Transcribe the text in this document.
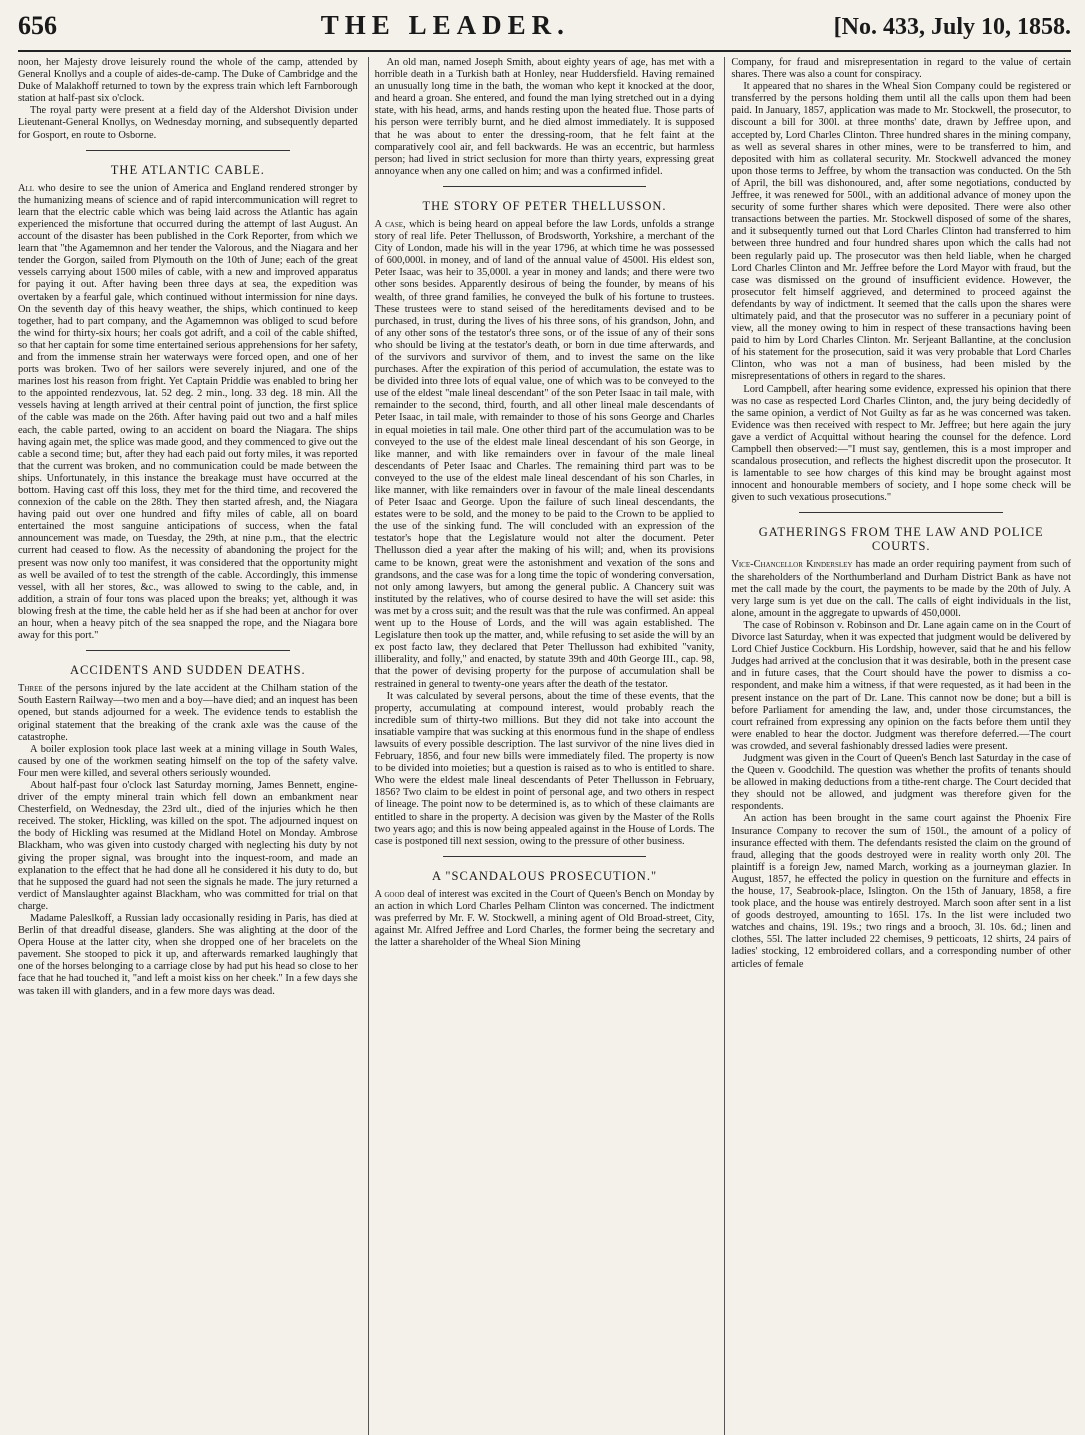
656	THE LEADER.	[No. 433, July 10, 1858.

noon, her Majesty drove leisurely round the whole of the camp, attended by General Knollys and a couple of aides-de-camp. The Duke of Cambridge and the Duke of Malakhoff returned to town by the express train which left Farnborough station at half-past six o'clock.

The royal party were present at a field day of the Aldershot Division under Lieutenant-General Knollys, on Wednesday morning, and subsequently departed for Gosport, en route to Osborne.

THE ATLANTIC CABLE.

All who desire to see the union of America and England rendered stronger by the humanizing means of science and of rapid intercommunication will regret to learn that the electric cable which was being laid across the Atlantic has again experienced the misfortune that occurred during the attempt of last August. An account of the disaster has been published in the Cork Reporter, from which we learn that "the Agamemnon and her tender the Valorous, and the Niagara and her tender the Gorgon, sailed from Plymouth on the 10th of June; each of the great vessels carrying about 1500 miles of cable, with a new and improved apparatus for paying it out. After having been three days at sea, the expedition was overtaken by a fearful gale, which continued without intermission for nine days. On the seventh day of this heavy weather, the ships, which continued to keep together, had to part company, and the Agamemnon was obliged to scud before the wind for thirty-six hours; her coals got adrift, and a coil of the cable shifted, so that her captain for some time entertained serious apprehensions for her safety, and from the immense strain her waterways were forced open, and one of her ports was broken. Two of her sailors were severely injured, and one of the marines lost his reason from fright. Yet Captain Priddie was enabled to bring her to the appointed rendezvous, lat. 52 deg. 2 min., long. 33 deg. 18 min. All the vessels having at length arrived at their central point of junction, the first splice of the cable was made on the 26th. After having paid out two and a half miles each, the cable parted, owing to an accident on board the Niagara. The ships having again met, the splice was made good, and they commenced to give out the cable a second time; but, after they had each paid out forty miles, it was reported that the current was broken, and no communication could be made between the ships. Unfortunately, in this instance the breakage must have occurred at the bottom. Having cast off this loss, they met for the third time, and recovered the connexion of the cable on the 28th. They then started afresh, and, the Niagara having paid out over one hundred and fifty miles of cable, all on board entertained the most sanguine anticipations of success, when the fatal announcement was made, on Tuesday, the 29th, at nine p.m., that the electric current had ceased to flow. As the necessity of abandoning the project for the present was now only too manifest, it was considered that the opportunity might as well be availed of to test the strength of the cable. Accordingly, this immense vessel, with all her stores, &c., was allowed to swing to the cable, and, in addition, a strain of four tons was placed upon the breaks; yet, although it was blowing fresh at the time, the cable held her as if she had been at anchor for over an hour, when a heavy pitch of the sea snapped the rope, and the Niagara bore away for this port."

ACCIDENTS AND SUDDEN DEATHS.

Three of the persons injured by the late accident at the Chilham station of the South Eastern Railway—two men and a boy—have died; and an inquest has been opened, but stands adjourned for a week. The evidence tends to establish the original statement that the breaking of the crank axle was the cause of the catastrophe.

A boiler explosion took place last week at a mining village in South Wales, caused by one of the workmen seating himself on the top of the safety valve. Four men were killed, and several others seriously wounded.

About half-past four o'clock last Saturday morning, James Bennett, engine-driver of the empty mineral train which fell down an embankment near Chesterfield, on Wednesday, the 23rd ult., died of the injuries which he then received. The stoker, Hickling, was killed on the spot. The adjourned inquest on the body of Hickling was resumed at the Midland Hotel on Monday. Ambrose Blackham, who was given into custody charged with neglecting his duty by not giving the proper signal, was brought into the inquest-room, and made an explanation to the effect that he had done all he considered it his duty to do, but that he supposed the guard had not seen the signals he made. The jury returned a verdict of Manslaughter against Blackham, who was committed for trial on that charge.

Madame Paleslkoff, a Russian lady occasionally residing in Paris, has died at Berlin of that dreadful disease, glanders. She was alighting at the door of the Opera House at the latter city, when she dropped one of her bracelets on the pavement. She stooped to pick it up, and afterwards remarked laughingly that one of the horses belonging to a carriage close by had put his head so close to her face that he had touched it, "and left a moist kiss on her cheek." In a few days she was taken ill with glanders, and in a few more days was dead.

An old man, named Joseph Smith, about eighty years of age, has met with a horrible death in a Turkish bath at Honley, near Huddersfield. Having remained an unusually long time in the bath, the woman who kept it knocked at the door, and heard a groan. She entered, and found the man lying stretched out in a dying state, with his head, arms, and hands resting upon the heated flue. Those parts of his person were terribly burnt, and he died almost immediately. It is supposed that he was about to enter the dressing-room, that he felt faint at the comparatively cool air, and fell backwards. He was an eccentric, but harmless person; had lived in strict seclusion for more than thirty years, expressing great annoyance when any one called on him; and was a confirmed infidel.

THE STORY OF PETER THELLUSSON.

A case, which is being heard on appeal before the law Lords, unfolds a strange story of real life. Peter Thellusson, of Brodsworth, Yorkshire, a merchant of the City of London, made his will in the year 1796, at which time he was possessed of 600,000l. in money, and of land of the annual value of 4500l. His eldest son, Peter Isaac, was heir to 35,000l. a year in money and lands; and there were two other sons besides. Apparently desirous of being the founder, by means of his wealth, of three grand families, he conveyed the bulk of his fortune to trustees. These trustees were to stand seised of the hereditaments devised and to be purchased, in trust, during the lives of his three sons, of his grandson, John, and of any other sons of the testator's three sons, or of the issue of any of their sons who should be living at the testator's death, or born in due time afterwards, and of the survivors and survivor of them, and to invest the same on the like purchases. After the expiration of this period of accumulation, the estate was to be divided into three lots of equal value, one of which was to be conveyed to the use of the eldest "male lineal descendant" of the son Peter Isaac in tail male, with remainder to the second, third, fourth, and all other lineal male descendants of Peter Isaac, in tail male, with remainder to those of his sons George and Charles in equal moieties in tail male. One other third part of the accumulation was to be conveyed to the use of the eldest male lineal descendant of his son George, in like manner, and with like remainders over in favour of the male lineal descendants of Peter Isaac and Charles. The remaining third part was to be conveyed to the use of the eldest male lineal descendant of his son Charles, in like manner, with like remainders over in favour of the male lineal descendants of Peter Isaac and George. Upon the failure of such lineal descendants, the estates were to be sold, and the money to be paid to the Crown to be applied to the use of the sinking fund. The will concluded with an expression of the testator's hope that the Legislature would not alter the document. Peter Thellusson died a year after the making of his will; and, when its provisions came to be known, great were the astonishment and vexation of the sons and grandsons, and the case was for a long time the topic of wondering conversation, not only among lawyers, but among the general public. A Chancery suit was instituted by the relatives, who of course desired to have the will set aside: this was met by a cross suit; and the result was that the rule was confirmed. An appeal went up to the House of Lords, and the will was again established. The Legislature then took up the matter, and, while refusing to set aside the will by an ex post facto law, they declared that Peter Thellusson had exhibited "vanity, illiberality, and folly," and enacted, by statute 39th and 40th George III., cap. 98, that the power of devising property for the purpose of accumulation shall be restrained in general to twenty-one years after the death of the testator.

It was calculated by several persons, about the time of these events, that the property, accumulating at compound interest, would probably reach the incredible sum of thirty-two millions. But they did not take into account the insatiable vampire that was sucking at this enormous fund in the shape of endless lawsuits of every possible description. The last survivor of the nine lives died in February, 1856, and four new bills were immediately filed. The property is now to be divided into moieties; but a question is raised as to who is entitled to share. Who were the eldest male lineal descendants of Peter Thellusson in February, 1856? Two claim to be eldest in point of personal age, and two others in respect of lineage. The point now to be determined is, as to which of these claimants are entitled to share in the property. A decision was given by the Master of the Rolls two years ago; and this is now being appealed against in the House of Lords. The case is postponed till next session, owing to the pressure of other business.

A "SCANDALOUS PROSECUTION."

A good deal of interest was excited in the Court of Queen's Bench on Monday by an action in which Lord Charles Pelham Clinton was concerned. The indictment was preferred by Mr. F. W. Stockwell, a mining agent of Old Broad-street, City, against Mr. Alfred Jeffree and Lord Charles, the former being the secretary and the latter a shareholder of the Wheal Sion Mining

Company, for fraud and misrepresentation in regard to the value of certain shares. There was also a count for conspiracy.

It appeared that no shares in the Wheal Sion Company could be registered or transferred by the persons holding them until all the calls upon them had been paid. In January, 1857, application was made to Mr. Stockwell, the prosecutor, to discount a bill for 300l. at three months' date, drawn by Jeffree upon, and accepted by, Lord Charles Clinton. Three hundred shares in the mining company, as well as several shares in other mines, were to be transferred to him, and deposited with him as collateral security. Mr. Stockwell advanced the money upon those terms to Jeffree, by whom the transaction was conducted. On the 5th of April, the bill was dishonoured, and, after some negotiations, conducted by Jeffree, it was renewed for 500l., with an additional advance of money upon the security of some further shares which were deposited. There were also other transactions between the parties. Mr. Stockwell disposed of some of the shares, and it subsequently turned out that Lord Charles Clinton had transferred to him between three hundred and four hundred shares upon which the calls had not been regularly paid up. The prosecutor was then held liable, when he charged Lord Charles Clinton and Mr. Jeffree before the Lord Mayor with fraud, but the case was dismissed on the ground of insufficient evidence. However, the prosecutor felt himself aggrieved, and determined to proceed against the defendants by way of indictment. It seemed that the calls upon the shares were ultimately paid, and that the prosecutor was no sufferer in a pecuniary point of view, all the money owing to him in respect of these transactions having been paid to him by Lord Charles Clinton. Mr. Serjeant Ballantine, at the conclusion of his statement for the prosecution, said it was very probable that Lord Charles Clinton, who was not a man of business, had been misled by the misrepresentations of others in regard to the shares.

Lord Campbell, after hearing some evidence, expressed his opinion that there was no case as respected Lord Charles Clinton, and, the jury being decidedly of the same opinion, a verdict of Not Guilty as far as he was concerned was taken. Evidence was then received with respect to Mr. Jeffree; but here again the jury gave a verdict of Acquittal without hearing the counsel for the defence. Lord Campbell then observed:—"I must say, gentlemen, this is a most improper and scandalous prosecution, and reflects the highest discredit upon the prosecutor. It is lamentable to see how charges of this kind may be brought against most innocent and honourable members of society, and I hope some check will be given to such vexatious prosecutions."

GATHERINGS FROM THE LAW AND POLICE COURTS.

Vice-Chancellor Kindersley has made an order requiring payment from such of the shareholders of the Northumberland and Durham District Bank as have not met the call made by the court, the payments to be made by the 20th of July. A very large sum is yet due on the call. The calls of eight individuals in the list, alone, amount in the aggregate to upwards of 450,000l.

The case of Robinson v. Robinson and Dr. Lane again came on in the Court of Divorce last Saturday, when it was expected that judgment would be delivered by Lord Chief Justice Cockburn. His Lordship, however, said that he and his fellow Judges had arrived at the conclusion that it was desirable, both in the present case and in future cases, that the Court should have the power to dismiss a co-respondent, and make him a witness, if that were requested, as it had been in the present instance on the part of Dr. Lane. This cannot now be done; but a bill is before Parliament for amending the law, and, under those circumstances, the court refrained from expressing any opinion on the facts before them until they were enabled to hear the doctor. Judgment was therefore deferred.—The court was crowded, and several fashionably dressed ladies were present.

Judgment was given in the Court of Queen's Bench last Saturday in the case of the Queen v. Goodchild. The question was whether the profits of tenants should be allowed in making deductions from a tithe-rent charge. The Court decided that they should not be allowed, and judgment was therefore given for the respondents.

An action has been brought in the same court against the Phoenix Fire Insurance Company to recover the sum of 150l., the amount of a policy of insurance effected with them. The defendants resisted the claim on the ground of fraud, alleging that the goods destroyed were in reality worth only 20l. The plaintiff is a foreign Jew, named March, working as a journeyman glazier. In August, 1857, he effected the policy in question on the furniture and effects in the house, 17, Seabrook-place, Islington. On the 15th of January, 1858, a fire took place, and the house was entirely destroyed. March soon after sent in a list of goods destroyed, amounting to 165l. 17s. In the list were included two watches and chains, 19l. 19s.; two rings and a brooch, 3l. 10s. 6d.; linen and clothes, 55l. The latter included 22 chemises, 9 petticoats, 12 shirts, 24 pairs of ladies' stocking, 12 embroidered collars, and a corresponding number of other articles of female
